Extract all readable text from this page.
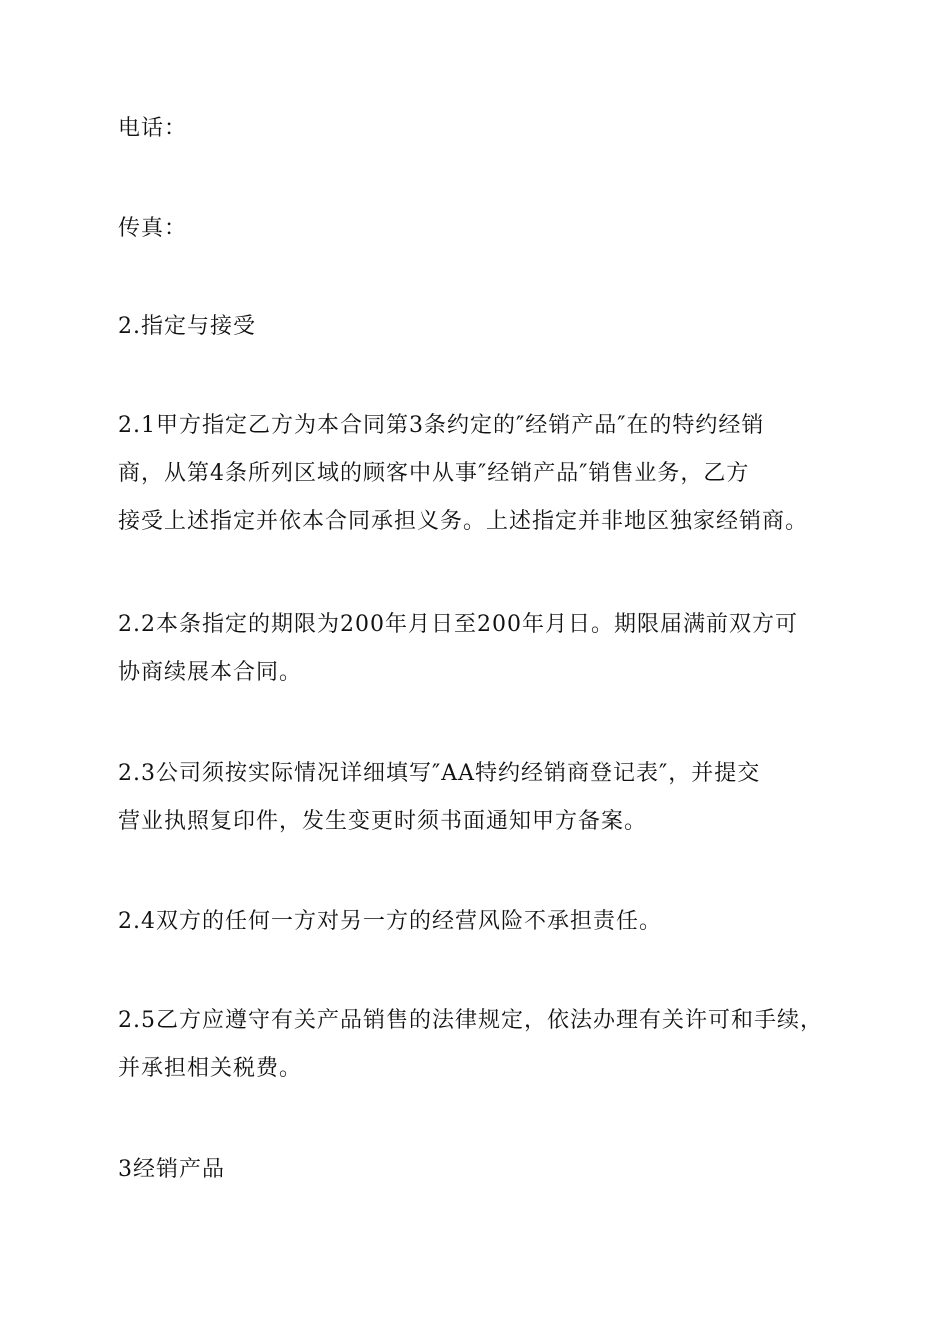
电话：

传真：

2.指定与接受

2.1甲方指定乙方为本合同第3条约定的″经销产品″在的特约经销
商，从第4条所列区域的顾客中从事″经销产品″销售业务，乙方
接受上述指定并依本合同承担义务。上述指定并非地区独家经销商。

2.2本条指定的期限为200年月日至200年月日。期限届满前双方可
协商续展本合同。

2.3公司须按实际情况详细填写″AA特约经销商登记表″，并提交
营业执照复印件，发生变更时须书面通知甲方备案。

2.4双方的任何一方对另一方的经营风险不承担责任。

2.5乙方应遵守有关产品销售的法律规定，依法办理有关许可和手续，
并承担相关税费。

3经销产品
